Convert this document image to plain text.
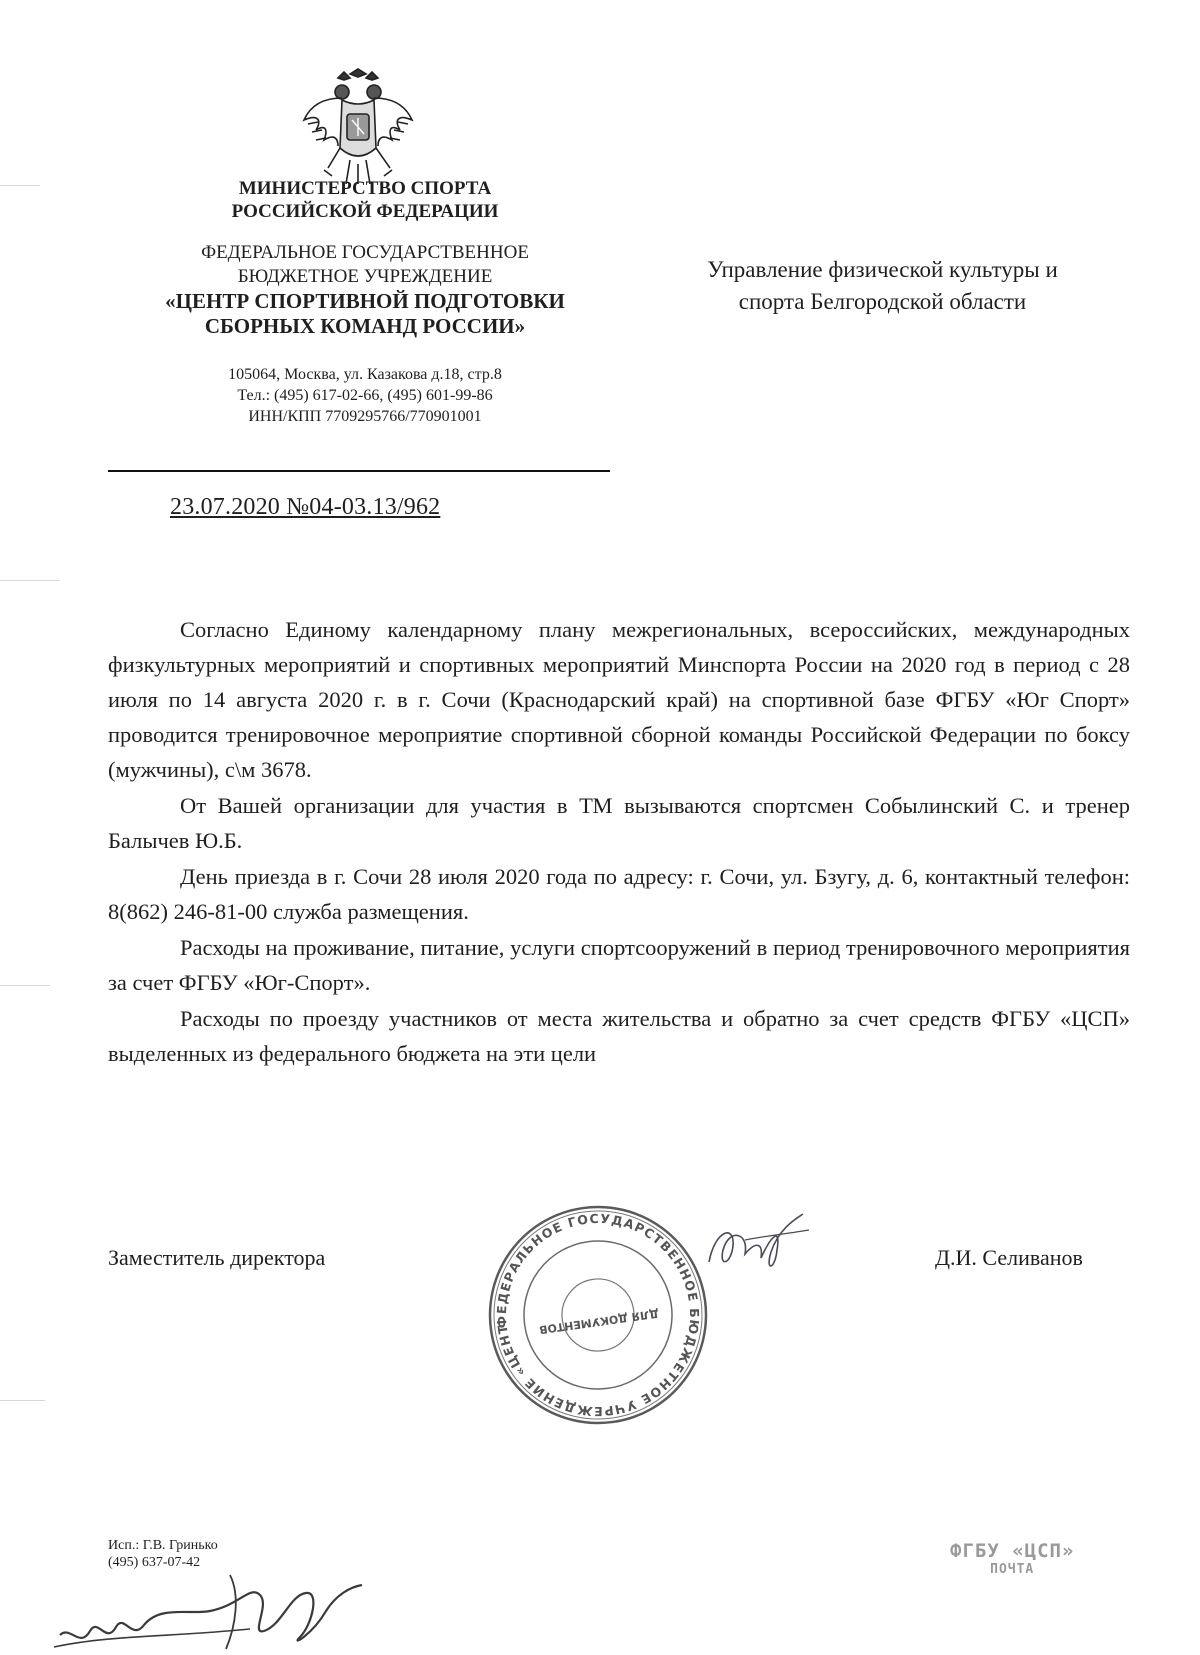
МИНИСТЕРСТВО СПОРТА
РОССИЙСКОЙ ФЕДЕРАЦИИ
ФЕДЕРАЛЬНОЕ ГОСУДАРСТВЕННОЕ
БЮДЖЕТНОЕ УЧРЕЖДЕНИЕ
«ЦЕНТР СПОРТИВНОЙ ПОДГОТОВКИ
СБОРНЫХ КОМАНД РОССИИ»
105064, Москва, ул. Казакова д.18, стр.8
Тел.: (495) 617-02-66, (495) 601-99-86
ИНН/КПП 7709295766/770901001
23.07.2020 №04-03.13/962
Управление физической культуры и
спорта Белгородской области

Согласно Единому календарному плану межрегиональных, всероссийских, международных физкультурных мероприятий и спортивных мероприятий Минспорта России на 2020 год в период с 28 июля по 14 августа 2020 г. в г. Сочи (Краснодарский край) на спортивной базе ФГБУ «Юг Спорт» проводится тренировочное мероприятие спортивной сборной команды Российской Федерации по боксу (мужчины), с\м 3678.

От Вашей организации для участия в ТМ вызываются спортсмен Собылинский С. и тренер Балычев Ю.Б.

День приезда в г. Сочи 28 июля 2020 года по адресу: г. Сочи, ул. Бзугу, д. 6, контактный телефон: 8(862) 246-81-00 служба размещения.

Расходы на проживание, питание, услуги спортсооружений в период тренировочного мероприятия за счет ФГБУ «Юг-Спорт».

Расходы по проезду участников от места жительства и обратно за счет средств ФГБУ «ЦСП» выделенных из федерального бюджета на эти цели

Заместитель директора	Д.И. Селиванов
ФЕДЕРАЛЬНОЕ ГОСУДАРСТВЕННОЕ БЮДЖЕТНОЕ УЧРЕЖДЕНИЕ «ЦЕНТР
ДЛЯ ДОКУМЕНТОВ
Исп.: Г.В. Гринько
(495) 637-07-42
ФГБУ «ЦСП»
ПОЧТА
